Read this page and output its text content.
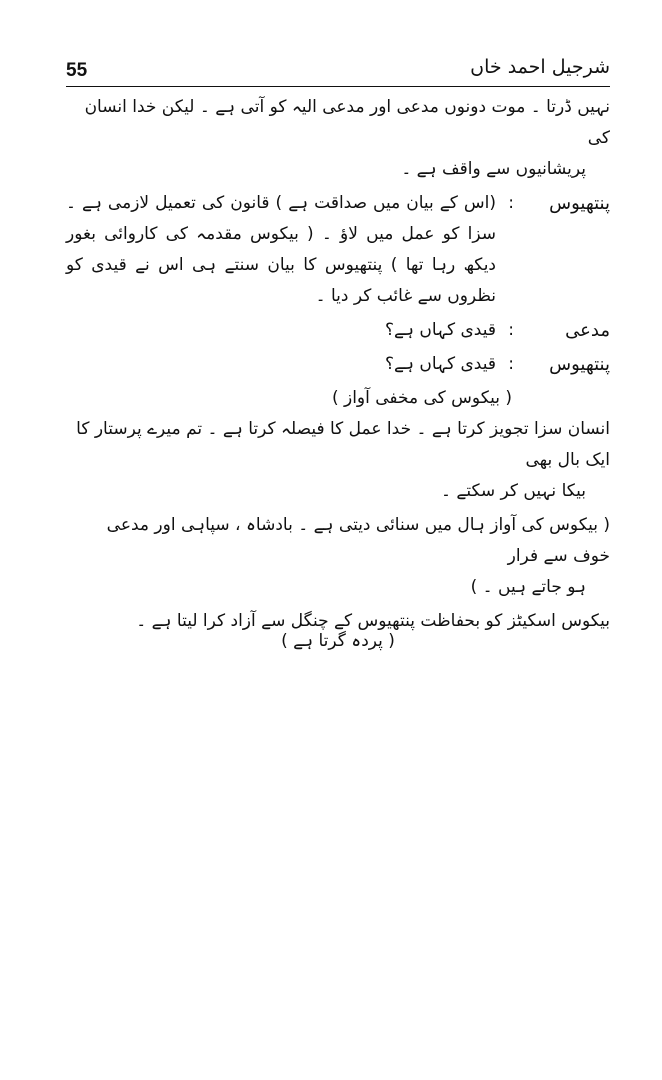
55	شرجیل احمد خاں

نہیں ڈرتا ۔ موت دونوں مدعی اور مدعی الیہ کو آتی ہے ۔ لیکن خدا انسان کی

پریشانیوں سے واقف ہے ۔

پنتھیوس
:
(اس کے بیان میں صداقت ہے ) قانون کی تعمیل لازمی ہے ۔ سزا کو عمل میں لاؤ ۔ ( بیکوس مقدمہ کی کاروائی بغور دیکھ رہا تھا ) پنتھیوس کا بیان سنتے ہی اس نے قیدی کو نظروں سے غائب کر دیا ۔
مدعی
:
قیدی کہاں ہے؟
پنتھیوس
:
قیدی کہاں ہے؟

( بیکوس کی مخفی آواز )

انسان سزا تجویز کرتا ہے ۔ خدا عمل کا فیصلہ کرتا ہے ۔ تم میرے پرستار کا ایک بال بھی

بیکا نہیں کر سکتے ۔

( بیکوس کی آواز ہال میں سنائی دیتی ہے ۔ بادشاہ ، سپاہی اور مدعی خوف سے فرار

ہو جاتے ہیں ۔ )

بیکوس اسکیٹز کو بحفاظت پنتھیوس کے چنگل سے آزاد کرا لیتا ہے ۔

( پردہ گرتا ہے )
